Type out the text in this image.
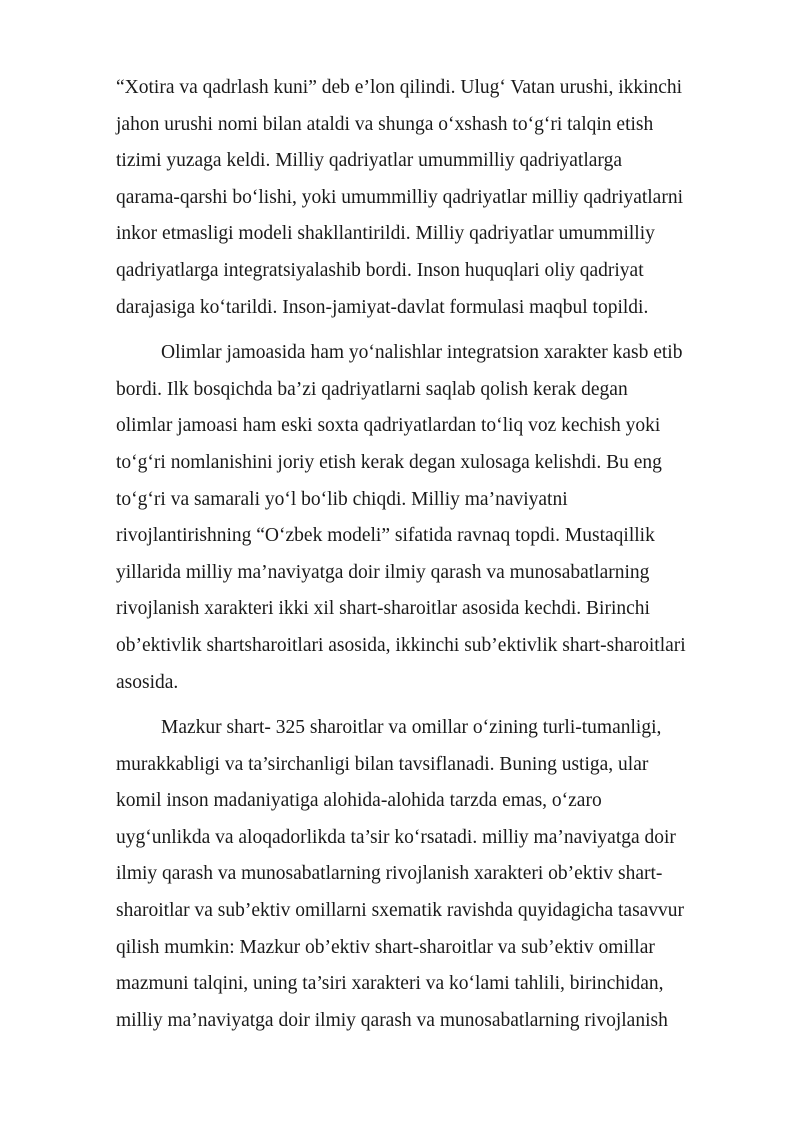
“Xotira va qadrlash kuni” deb e’lon qilindi. Ulug‘ Vatan urushi, ikkinchi
jahon urushi nomi bilan ataldi va shunga o‘xshash to‘g‘ri talqin etish
tizimi yuzaga keldi. Milliy qadriyatlar umummilliy qadriyatlarga
qarama-qarshi bo‘lishi, yoki umummilliy qadriyatlar milliy qadriyatlarni
inkor etmasligi modeli shakllantirildi. Milliy qadriyatlar umummilliy
qadriyatlarga integratsiyalashib bordi. Inson huquqlari oliy qadriyat
darajasiga ko‘tarildi. Inson-jamiyat-davlat formulasi maqbul topildi.

Olimlar jamoasida ham yo‘nalishlar integratsion xarakter kasb etib
bordi. Ilk bosqichda ba’zi qadriyatlarni saqlab qolish kerak degan
olimlar jamoasi ham eski soxta qadriyatlardan to‘liq voz kechish yoki
to‘g‘ri nomlanishini joriy etish kerak degan xulosaga kelishdi. Bu eng
to‘g‘ri va samarali yo‘l bo‘lib chiqdi. Milliy ma’naviyatni
rivojlantirishning “O‘zbek modeli” sifatida ravnaq topdi. Mustaqillik
yillarida milliy ma’naviyatga doir ilmiy qarash va munosabatlarning
rivojlanish xarakteri ikki xil shart-sharoitlar asosida kechdi. Birinchi
ob’ektivlik shartsharoitlari asosida, ikkinchi sub’ektivlik shart-sharoitlari
asosida.

Mazkur shart- 325 sharoitlar va omillar o‘zining turli-tumanligi,
murakkabligi va ta’sirchanligi bilan tavsiflanadi. Buning ustiga, ular
komil inson madaniyatiga alohida-alohida tarzda emas, o‘zaro
uyg‘unlikda va aloqadorlikda ta’sir ko‘rsatadi. milliy ma’naviyatga doir
ilmiy qarash va munosabatlarning rivojlanish xarakteri ob’ektiv shart-
sharoitlar va sub’ektiv omillarni sxematik ravishda quyidagicha tasavvur
qilish mumkin: Mazkur ob’ektiv shart-sharoitlar va sub’ektiv omillar
mazmuni talqini, uning ta’siri xarakteri va ko‘lami tahlili, birinchidan,
milliy ma’naviyatga doir ilmiy qarash va munosabatlarning rivojlanish
